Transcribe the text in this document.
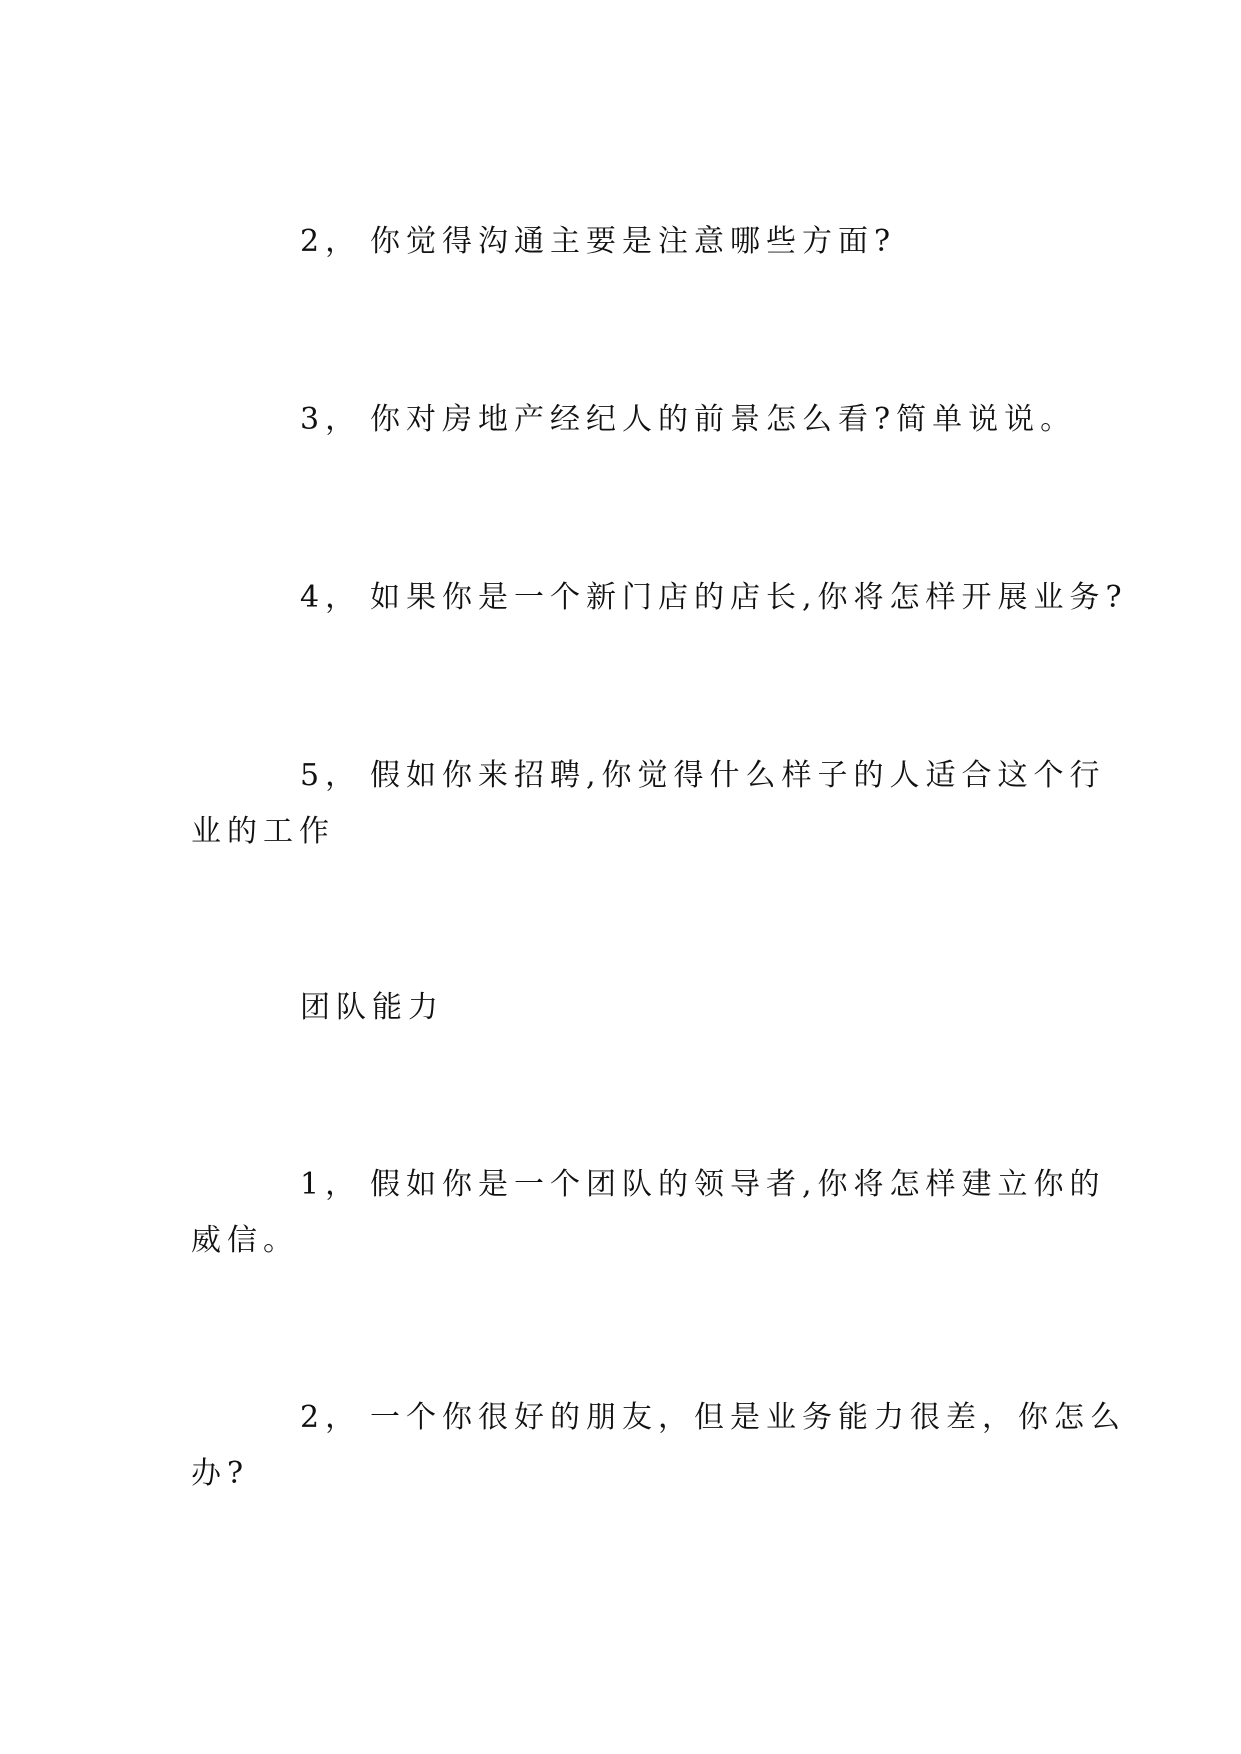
2， 你觉得沟通主要是注意哪些方面?
3， 你对房地产经纪人的前景怎么看?简单说说。
4， 如果你是一个新门店的店长,你将怎样开展业务?
5， 假如你来招聘,你觉得什么样子的人适合这个行
业的工作
团队能力
1， 假如你是一个团队的领导者,你将怎样建立你的
威信。
2， 一个你很好的朋友，但是业务能力很差，你怎么
办?
